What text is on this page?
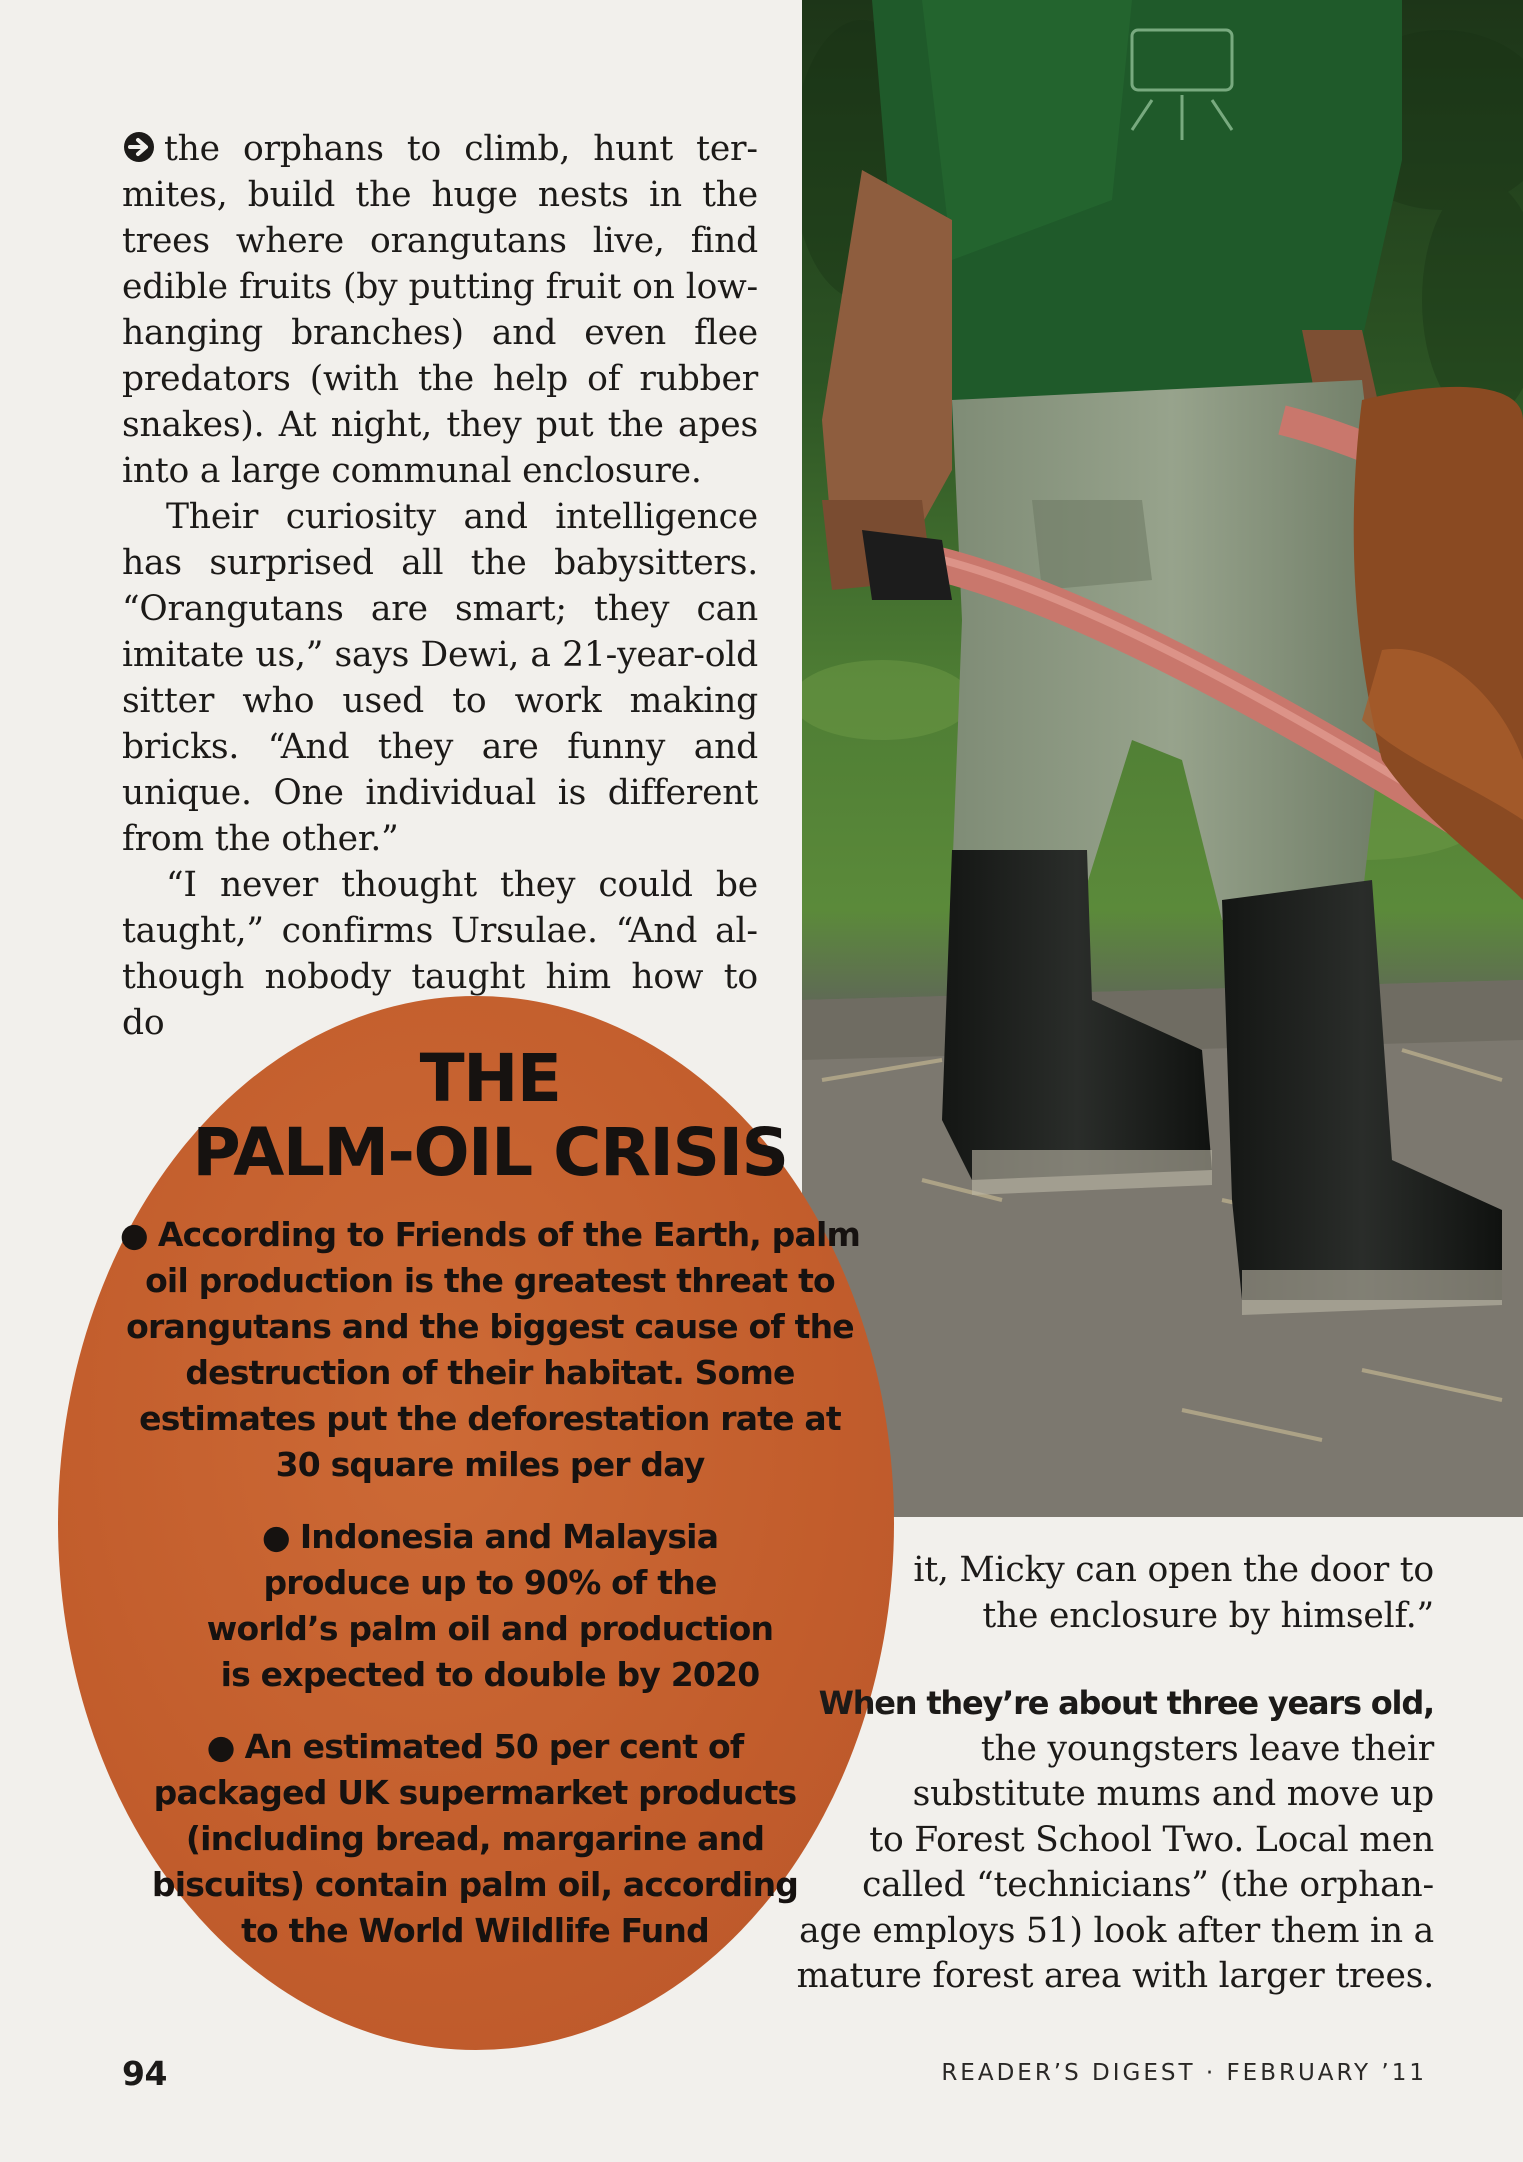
the orphans to climb, hunt termites, build the huge nests in the trees where orangutans live, find edible fruits (by putting fruit on low-hanging branches) and even flee predators (with the help of rubber snakes). At night, they put the apes into a large communal enclosure.

Their curiosity and intelligence has surprised all the babysitters. “Orangutans are smart; they can imitate us,” says Dewi, a 21-year-old sitter who used to work making bricks. “And they are funny and unique. One individual is different from the other.”

“I never thought they could be taught,” confirms Ursulae. “And although nobody taught him how to do

THE
PALM-OIL CRISIS
● According to Friends of the Earth, palm oil production is the greatest threat to orangutans and the biggest cause of the destruction of their habitat. Some estimates put the deforestation rate at 30 square miles per day
● Indonesia and Malaysia produce up to 90% of the world’s palm oil and production is expected to double by 2020
● An estimated 50 per cent of packaged UK supermarket products (including bread, margarine and biscuits) contain palm oil, according to the World Wildlife Fund

it, Micky can open the door to

the enclosure by himself.”

When they’re about three years old, the youngsters leave their

substitute mums and move up

to Forest School Two. Local men

called “technicians” (the orphan-

age employs 51) look after them in a

mature forest area with larger trees.

94	READER’S DIGEST · FEBRUARY ’11
